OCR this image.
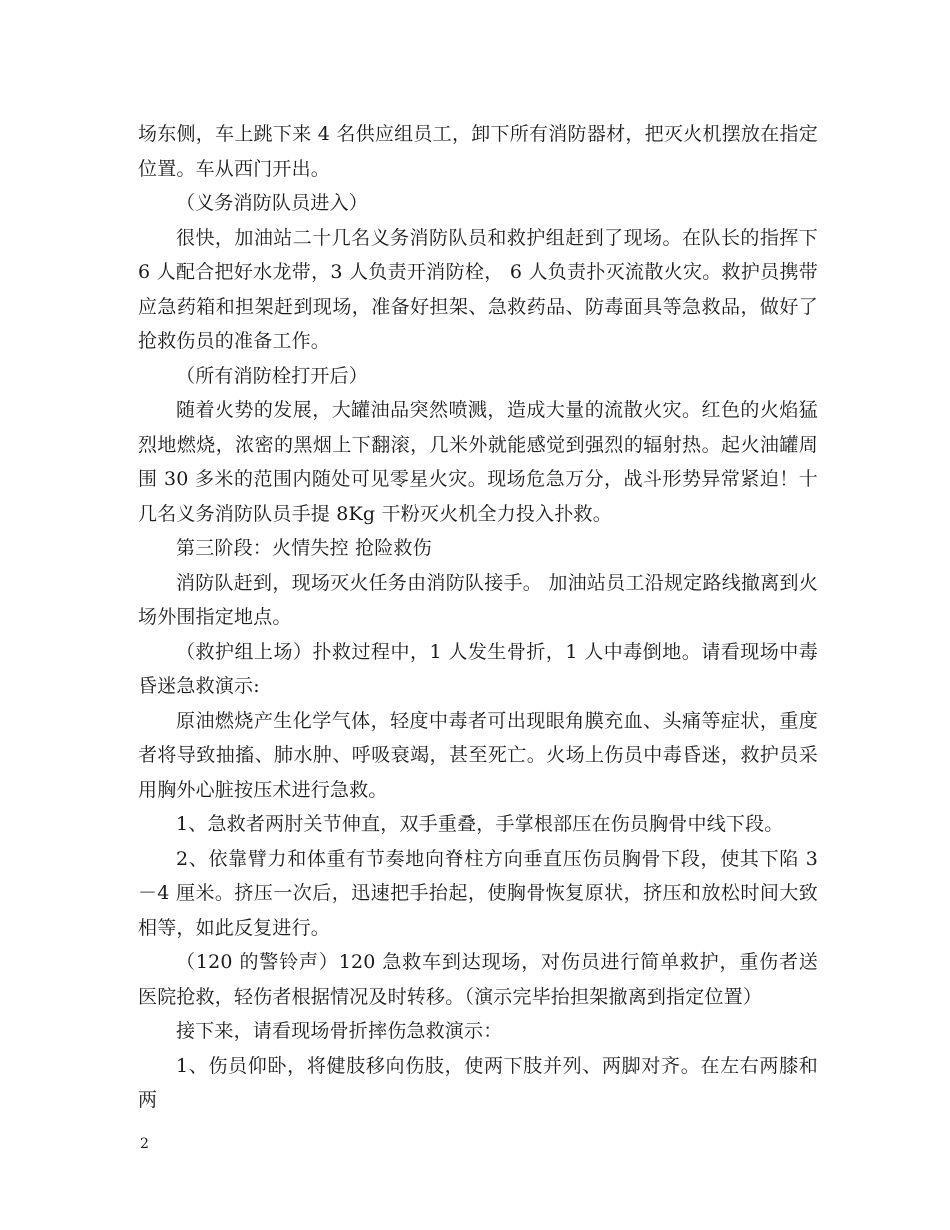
场东侧，车上跳下来 4 名供应组员工，卸下所有消防器材，把灭火机摆放在指定位置。车从西门开出。

（义务消防队员进入）

很快，加油站二十几名义务消防队员和救护组赶到了现场。在队长的指挥下 6 人配合把好水龙带，3 人负责开消防栓， 6 人负责扑灭流散火灾。救护员携带应急药箱和担架赶到现场，准备好担架、急救药品、防毒面具等急救品，做好了抢救伤员的准备工作。

（所有消防栓打开后）

随着火势的发展，大罐油品突然喷溅，造成大量的流散火灾。红色的火焰猛烈地燃烧，浓密的黑烟上下翻滚，几米外就能感觉到强烈的辐射热。起火油罐周围 30 多米的范围内随处可见零星火灾。现场危急万分，战斗形势异常紧迫！十几名义务消防队员手提 8Kg 干粉灭火机全力投入扑救。

第三阶段：火情失控 抢险救伤

消防队赶到，现场灭火任务由消防队接手。 加油站员工沿规定路线撤离到火场外围指定地点。

（救护组上场）扑救过程中，1 人发生骨折，1 人中毒倒地。请看现场中毒昏迷急救演示:

原油燃烧产生化学气体，轻度中毒者可出现眼角膜充血、头痛等症状，重度者将导致抽搐、肺水肿、呼吸衰竭，甚至死亡。火场上伤员中毒昏迷，救护员采用胸外心脏按压术进行急救。

1、急救者两肘关节伸直，双手重叠，手掌根部压在伤员胸骨中线下段。

2、依靠臂力和体重有节奏地向脊柱方向垂直压伤员胸骨下段，使其下陷 3－4 厘米。挤压一次后，迅速把手抬起，使胸骨恢复原状，挤压和放松时间大致相等，如此反复进行。

（120 的警铃声）120 急救车到达现场，对伤员进行简单救护，重伤者送医院抢救，轻伤者根据情况及时转移。（演示完毕抬担架撤离到指定位置）

接下来，请看现场骨折摔伤急救演示：

1、伤员仰卧，将健肢移向伤肢，使两下肢并列、两脚对齐。在左右两膝和两

2
